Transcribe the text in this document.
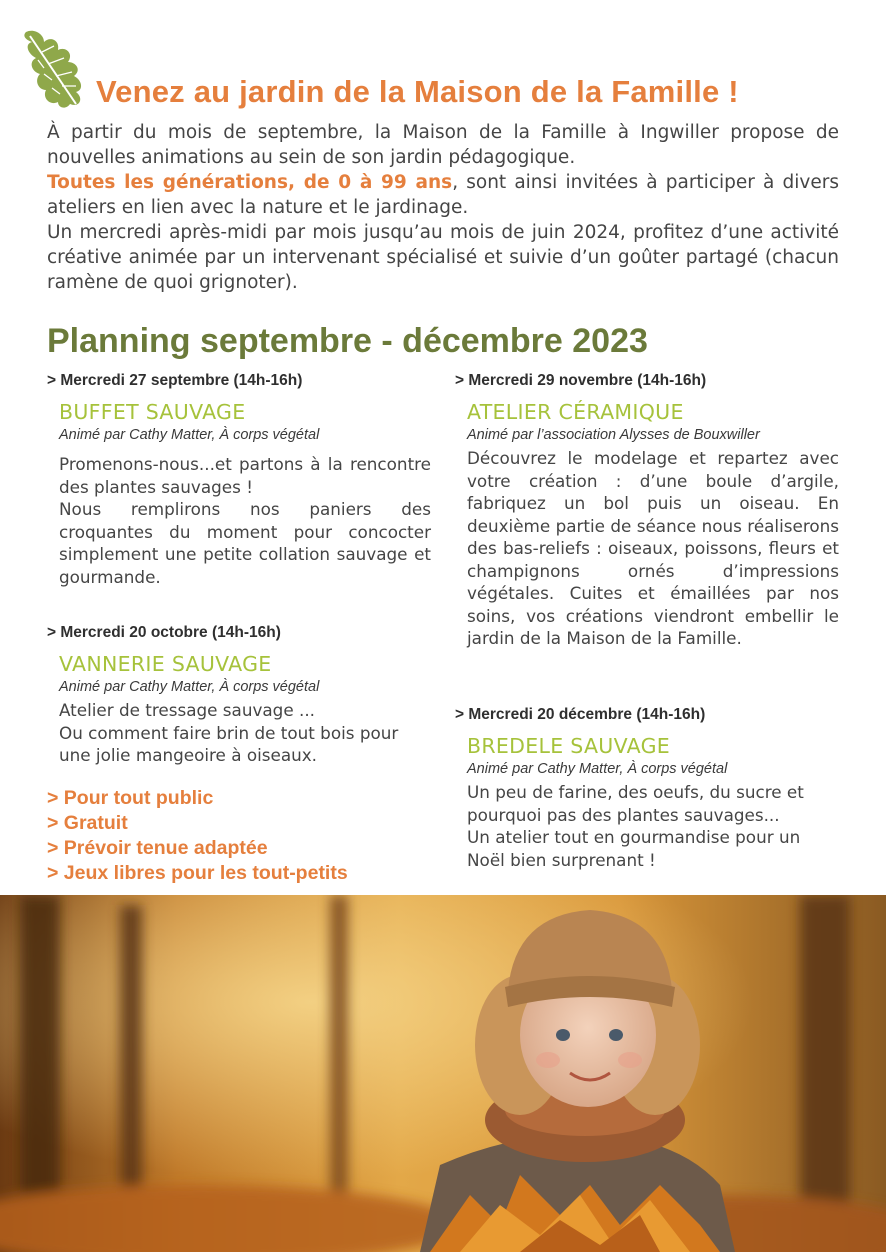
Venez au jardin de la Maison de la Famille !

À partir du mois de septembre, la Maison de la Famille à Ingwiller propose de nouvelles animations au sein de son jardin pédagogique.

Toutes les générations, de 0 à 99 ans, sont ainsi invitées à participer à divers ateliers en lien avec la nature et le jardinage.

Un mercredi après-midi par mois jusqu’au mois de juin 2024, profitez d’une activité créative animée par un intervenant spécialisé et suivie d’un goûter partagé (chacun ramène de quoi grignoter).

Planning septembre - décembre 2023
> Mercredi 27 septembre (14h-16h)
BUFFET SAUVAGE
Animé par Cathy Matter, À corps végétal

Promenons-nous...et partons à la rencontre des plantes sauvages !

Nous remplirons nos paniers des croquantes du moment pour concocter simplement une petite collation sauvage et gourmande.

> Mercredi 20 octobre (14h-16h)
VANNERIE SAUVAGE
Animé par Cathy Matter, À corps végétal

Atelier de tressage sauvage ...

Ou comment faire brin de tout bois pour une jolie mangeoire à oiseaux.

> Mercredi 29 novembre (14h-16h)
ATELIER CÉRAMIQUE
Animé par l’association Alysses de Bouxwiller

Découvrez le modelage et repartez avec votre création : d’une boule d’argile, fabriquez un bol puis un oiseau. En deuxième partie de séance nous réaliserons des bas-reliefs : oiseaux, poissons, fleurs et champignons ornés d’impressions végétales. Cuites et émaillées par nos soins, vos créations viendront embellir le jardin de la Maison de la Famille.

> Mercredi 20 décembre (14h-16h)
BREDELE SAUVAGE
Animé par Cathy Matter, À corps végétal

Un peu de farine, des oeufs, du sucre et pourquoi pas des plantes sauvages...

Un atelier tout en gourmandise pour un Noël bien surprenant !

> Pour tout public
> Gratuit
> Prévoir tenue adaptée
> Jeux libres pour les tout-petits
